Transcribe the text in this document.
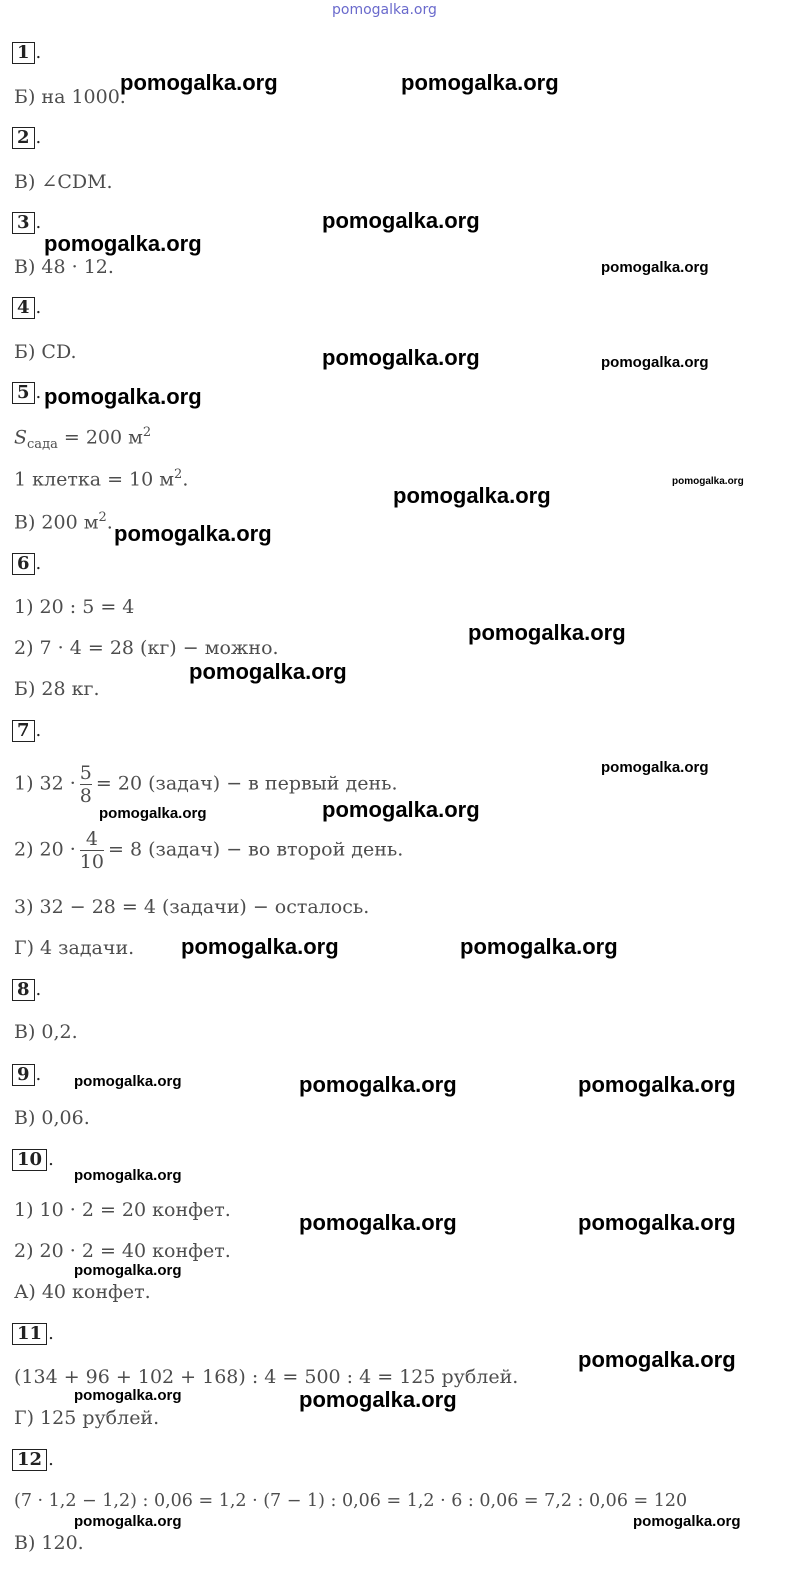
pomogalka.org
1 .
Б) на 1000.
2 .
В) ∠CDM.
3 .
В) 48 · 12.
4 .
Б) CD.
5 .
$S_{сада} = 200$ $м^2$
1 клетка = 10 $м^2$.
В) 200 $м^2$.
6 .
1) 20 : 5 = 4
2) 7 · 4 = 28 (кг) − можно.
Б) 28 кг.
7 .
1) $32 \cdot \frac{5}{8} = 20$ (задач) − в первый день.
2) $20 \cdot \frac{4}{10} = 8$ (задач) − во второй день.
3) 32 − 28 = 4 (задачи) − осталось.
Г) 4 задачи.
8 .
В) 0,2.
9 .
В) 0,06.
10 .
1) 10 · 2 = 20 конфет.
2) 20 · 2 = 40 конфет.
А) 40 конфет.
11 .
(134 + 96 + 102 + 168) : 4 = 500 : 4 = 125 рублей.
Г) 125 рублей.
12 .
(7 · 1,2 − 1,2) : 0,06 = 1,2 · (7 − 1) : 0,06 = 1,2 · 6 : 0,06 = 7,2 : 0,06 = 120
В) 120.
pomogalka.org	pomogalka.org
pomogalka.org
pomogalka.org
pomogalka.org
pomogalka.org	pomogalka.org
pomogalka.org
pomogalka.org
pomogalka.org
pomogalka.org
pomogalka.org
pomogalka.org
pomogalka.org
pomogalka.org
pomogalka.org
pomogalka.org	pomogalka.org
pomogalka.org	pomogalka.org	pomogalka.org
pomogalka.org
pomogalka.org	pomogalka.org
pomogalka.org
pomogalka.org
pomogalka.org	pomogalka.org
pomogalka.org	pomogalka.org
